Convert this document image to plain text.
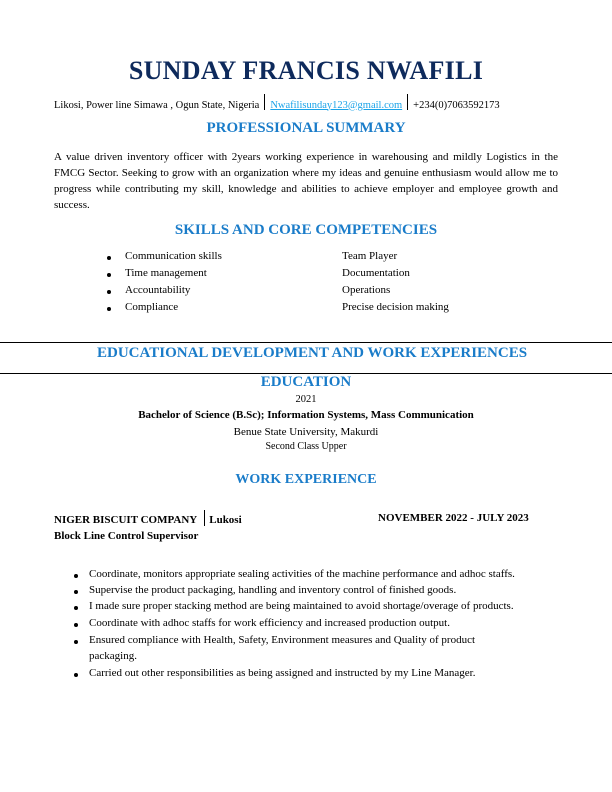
SUNDAY FRANCIS NWAFILI
Likosi, Power line Simawa , Ogun State, Nigeria Nwafilisunday123@gmail.com +234(0)7063592173
PROFESSIONAL SUMMARY
A value driven inventory officer with 2years working experience in warehousing and mildly Logistics in the FMCG Sector. Seeking to grow with an organization where my ideas and genuine enthusiasm would allow me to progress while contributing my skill, knowledge and abilities to achieve employer and employee growth and success.
SKILLS AND CORE COMPETENCIES
Communication skills
Time management
Accountability
Compliance
Team Player
Documentation
Operations
Precise decision making
EDUCATIONAL DEVELOPMENT AND WORK EXPERIENCES
EDUCATION
2021
Bachelor of Science (B.Sc); Information Systems, Mass Communication
Benue State University, Makurdi
Second Class Upper
WORK EXPERIENCE
NIGER BISCUIT COMPANY Lukosi	NOVEMBER 2022 - JULY 2023
Block Line Control Supervisor
Coordinate, monitors appropriate sealing activities of the machine performance and adhoc staffs.
Supervise the product packaging, handling and inventory control of finished goods.
I made sure proper stacking method are being maintained to avoid shortage/overage of products.
Coordinate with adhoc staffs for work efficiency and increased production output.
Ensured compliance with Health, Safety, Environment measures and Quality of product
packaging.
Carried out other responsibilities as being assigned and instructed by my Line Manager.
